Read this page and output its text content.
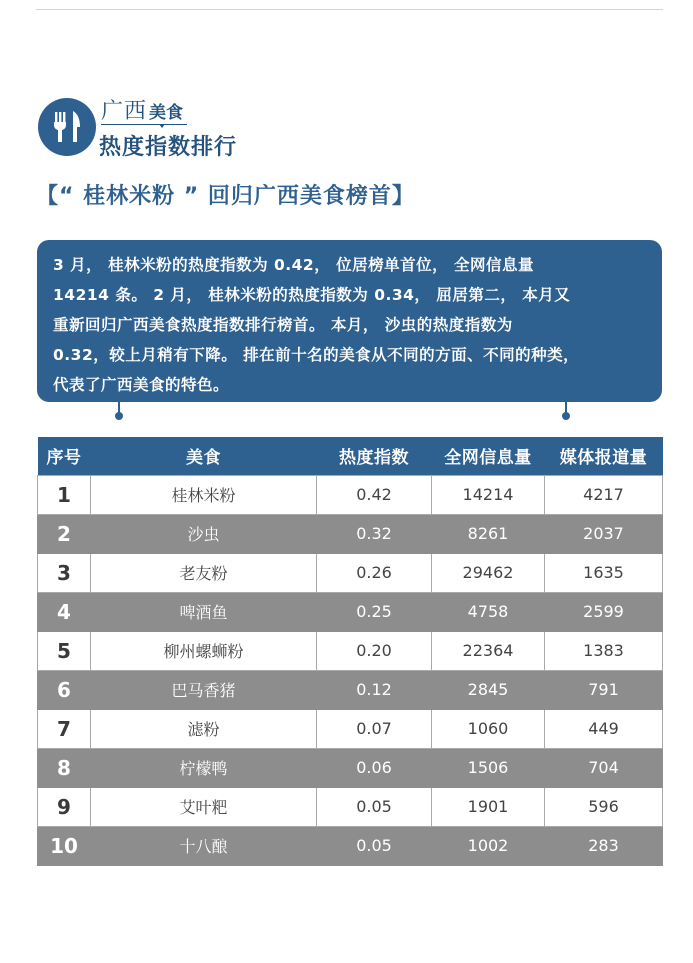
广西 美食
热度指数排行
【“ 桂林米粉 ” 回归广西美食榜首】

3 月， 桂林米粉的热度指数为 0.42， 位居榜单首位， 全网信息量

14214 条。 2 月， 桂林米粉的热度指数为 0.34， 屈居第二， 本月又

重新回归广西美食热度指数排行榜首。 本月， 沙虫的热度指数为

0.32，较上月稍有下降。 排在前十名的美食从不同的方面、不同的种类，

代表了广西美食的特色。

序号	美食	热度指数	全网信息量	媒体报道量
1	桂林米粉	0.42	14214	4217
2	沙虫	0.32	8261	2037
3	老友粉	0.26	29462	1635
4	啤酒鱼	0.25	4758	2599
5	柳州螺蛳粉	0.20	22364	1383
6	巴马香猪	0.12	2845	791
7	滤粉	0.07	1060	449
8	柠檬鸭	0.06	1506	704
9	艾叶粑	0.05	1901	596
10	十八酿	0.05	1002	283
